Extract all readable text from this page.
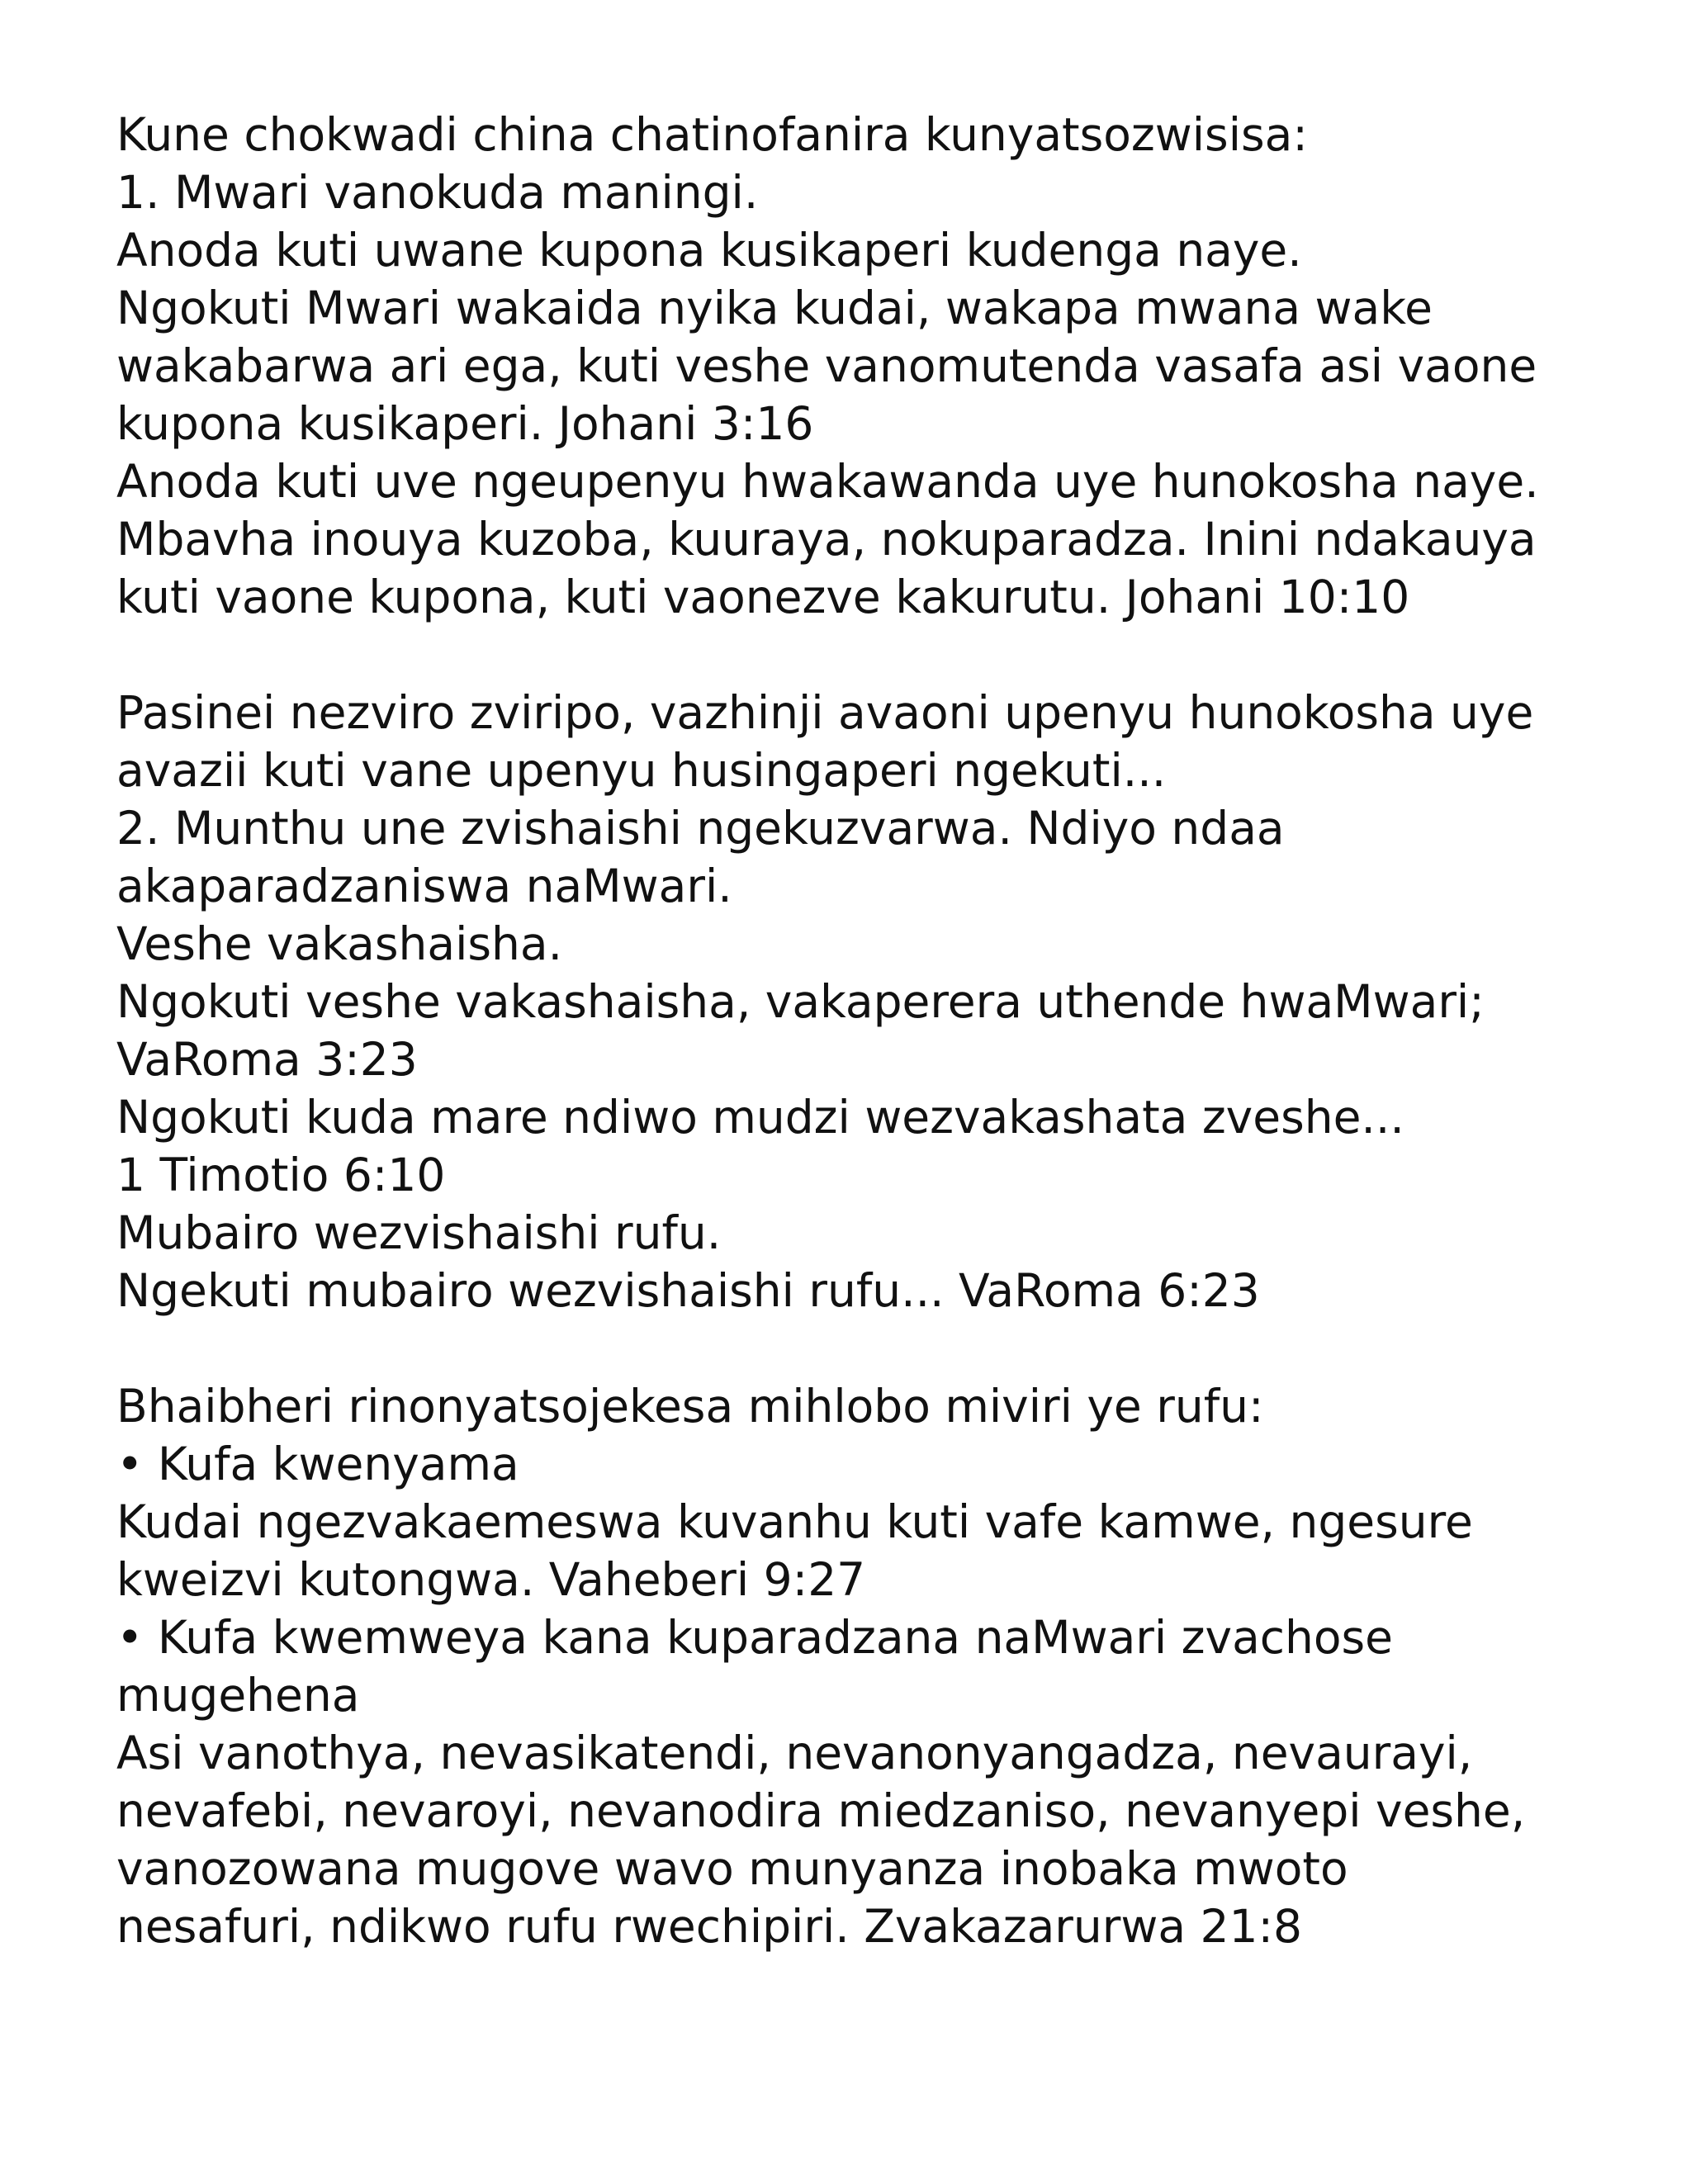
Kune chokwadi china chatinofanira kunyatsozwisisa:
1. Mwari vanokuda maningi.
Anoda kuti uwane kupona kusikaperi kudenga naye.
Ngokuti Mwari wakaida nyika kudai, wakapa mwana wake
wakabarwa ari ega, kuti veshe vanomutenda vasafa asi vaone
kupona kusikaperi. Johani 3:16
Anoda kuti uve ngeupenyu hwakawanda uye hunokosha naye.
Mbavha inouya kuzoba, kuuraya, nokuparadza. Inini ndakauya
kuti vaone kupona, kuti vaonezve kakurutu. Johani 10:10
Pasinei nezviro zviripo, vazhinji avaoni upenyu hunokosha uye
avazii kuti vane upenyu husingaperi ngekuti...
2. Munthu une zvishaishi ngekuzvarwa. Ndiyo ndaa
akaparadzaniswa naMwari.
Veshe vakashaisha.
Ngokuti veshe vakashaisha, vakaperera uthende hwaMwari;
VaRoma 3:23
Ngokuti kuda mare ndiwo mudzi wezvakashata zveshe...
1 Timotio 6:10
Mubairo wezvishaishi rufu.
Ngekuti mubairo wezvishaishi rufu... VaRoma 6:23
Bhaibheri rinonyatsojekesa mihlobo miviri ye rufu:
• Kufa kwenyama
Kudai ngezvakaemeswa kuvanhu kuti vafe kamwe, ngesure
kweizvi kutongwa. Vaheberi 9:27
• Kufa kwemweya kana kuparadzana naMwari zvachose
mugehena
Asi vanothya, nevasikatendi, nevanonyangadza, nevaurayi,
nevafebi, nevaroyi, nevanodira miedzaniso, nevanyepi veshe,
vanozowana mugove wavo munyanza inobaka mwoto
nesafuri, ndikwo rufu rwechipiri. Zvakazarurwa 21:8
